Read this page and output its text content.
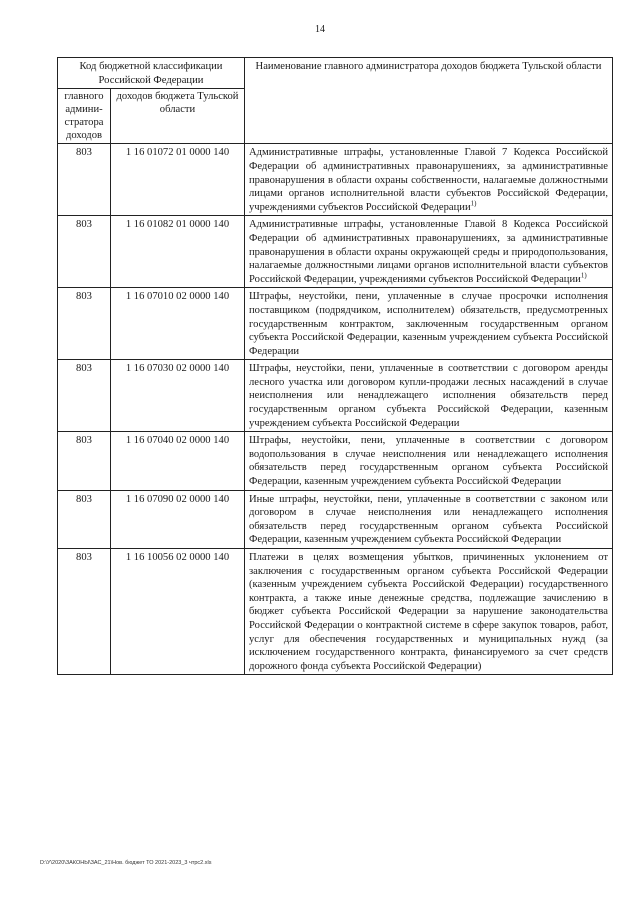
14
Код бюджетной классификации Российской Федерации		Наименование главного администратора доходов бюджета Тульской области
главного админи-стратора доходов	доходов бюджета Тульской области	
803	1 16 01072 01 0000 140	Административные штрафы, установленные Главой 7 Кодекса Российской Федерации об административных правонарушениях, за административные правонарушения в области охраны собственности, налагаемые должностными лицами органов исполнительной власти субъектов Российской Федерации, учреждениями субъектов Российской Федерации$^{1)}$
803	1 16 01082 01 0000 140	Административные штрафы, установленные Главой 8 Кодекса Российской Федерации об административных правонарушениях, за административные правонарушения в области охраны окружающей среды и природопользования, налагаемые должностными лицами органов исполнительной власти субъектов Российской Федерации, учреждениями субъектов Российской Федерации$^{1)}$
803	1 16 07010 02 0000 140	Штрафы, неустойки, пени, уплаченные в случае просрочки исполнения поставщиком (подрядчиком, исполнителем) обязательств, предусмотренных государственным контрактом, заключенным государственным органом субъекта Российской Федерации, казенным учреждением субъекта Российской Федерации
803	1 16 07030 02 0000 140	Штрафы, неустойки, пени, уплаченные в соответствии с договором аренды лесного участка или договором купли-продажи лесных насаждений в случае неисполнения или ненадлежащего исполнения обязательств перед государственным органом субъекта Российской Федерации, казенным учреждением субъекта Российской Федерации
803	1 16 07040 02 0000 140	Штрафы, неустойки, пени, уплаченные в соответствии с договором водопользования в случае неисполнения или ненадлежащего исполнения обязательств перед государственным органом субъекта Российской Федерации, казенным учреждением субъекта Российской Федерации
803	1 16 07090 02 0000 140	Иные штрафы, неустойки, пени, уплаченные в соответствии с законом или договором в случае неисполнения или ненадлежащего исполнения обязательств перед государственным органом субъекта Российской Федерации, казенным учреждением субъекта Российской Федерации
803	1 16 10056 02 0000 140	Платежи в целях возмещения убытков, причиненных уклонением от заключения с государственным органом субъекта Российской Федерации (казенным учреждением субъекта Российской Федерации) государственного контракта, а также иные денежные средства, подлежащие зачислению в бюджет субъекта Российской Федерации за нарушение законодательства Российской Федерации о контрактной системе в сфере закупок товаров, работ, услуг для обеспечения государственных и муниципальных нужд (за исключением государственного контракта, финансируемого за счет средств дорожного фонда субъекта Российской Федерации)
D:\У\2020\ЗАКОНЫ\ЗАС_21\Нов. бюджет ТО 2021-2023_3 чтрс2.xls
